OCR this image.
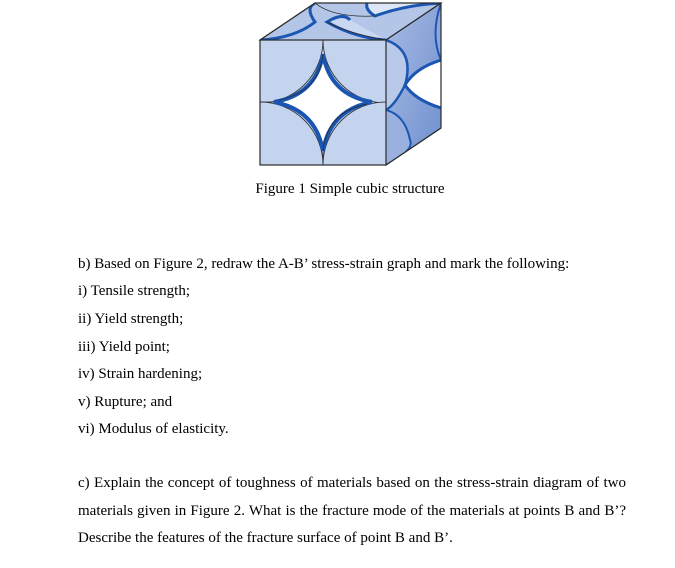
Figure 1 Simple cubic structure
b) Based on Figure 2, redraw the A-B’ stress-strain graph and mark the following:
i) Tensile strength;
ii) Yield strength;
iii) Yield point;
iv) Strain hardening;
v) Rupture; and
vi) Modulus of elasticity.
c) Explain the concept of toughness of materials based on the stress-strain diagram of two materials given in Figure 2. What is the fracture mode of the materials at points B and B’? Describe the features of the fracture surface of point B and B’.
